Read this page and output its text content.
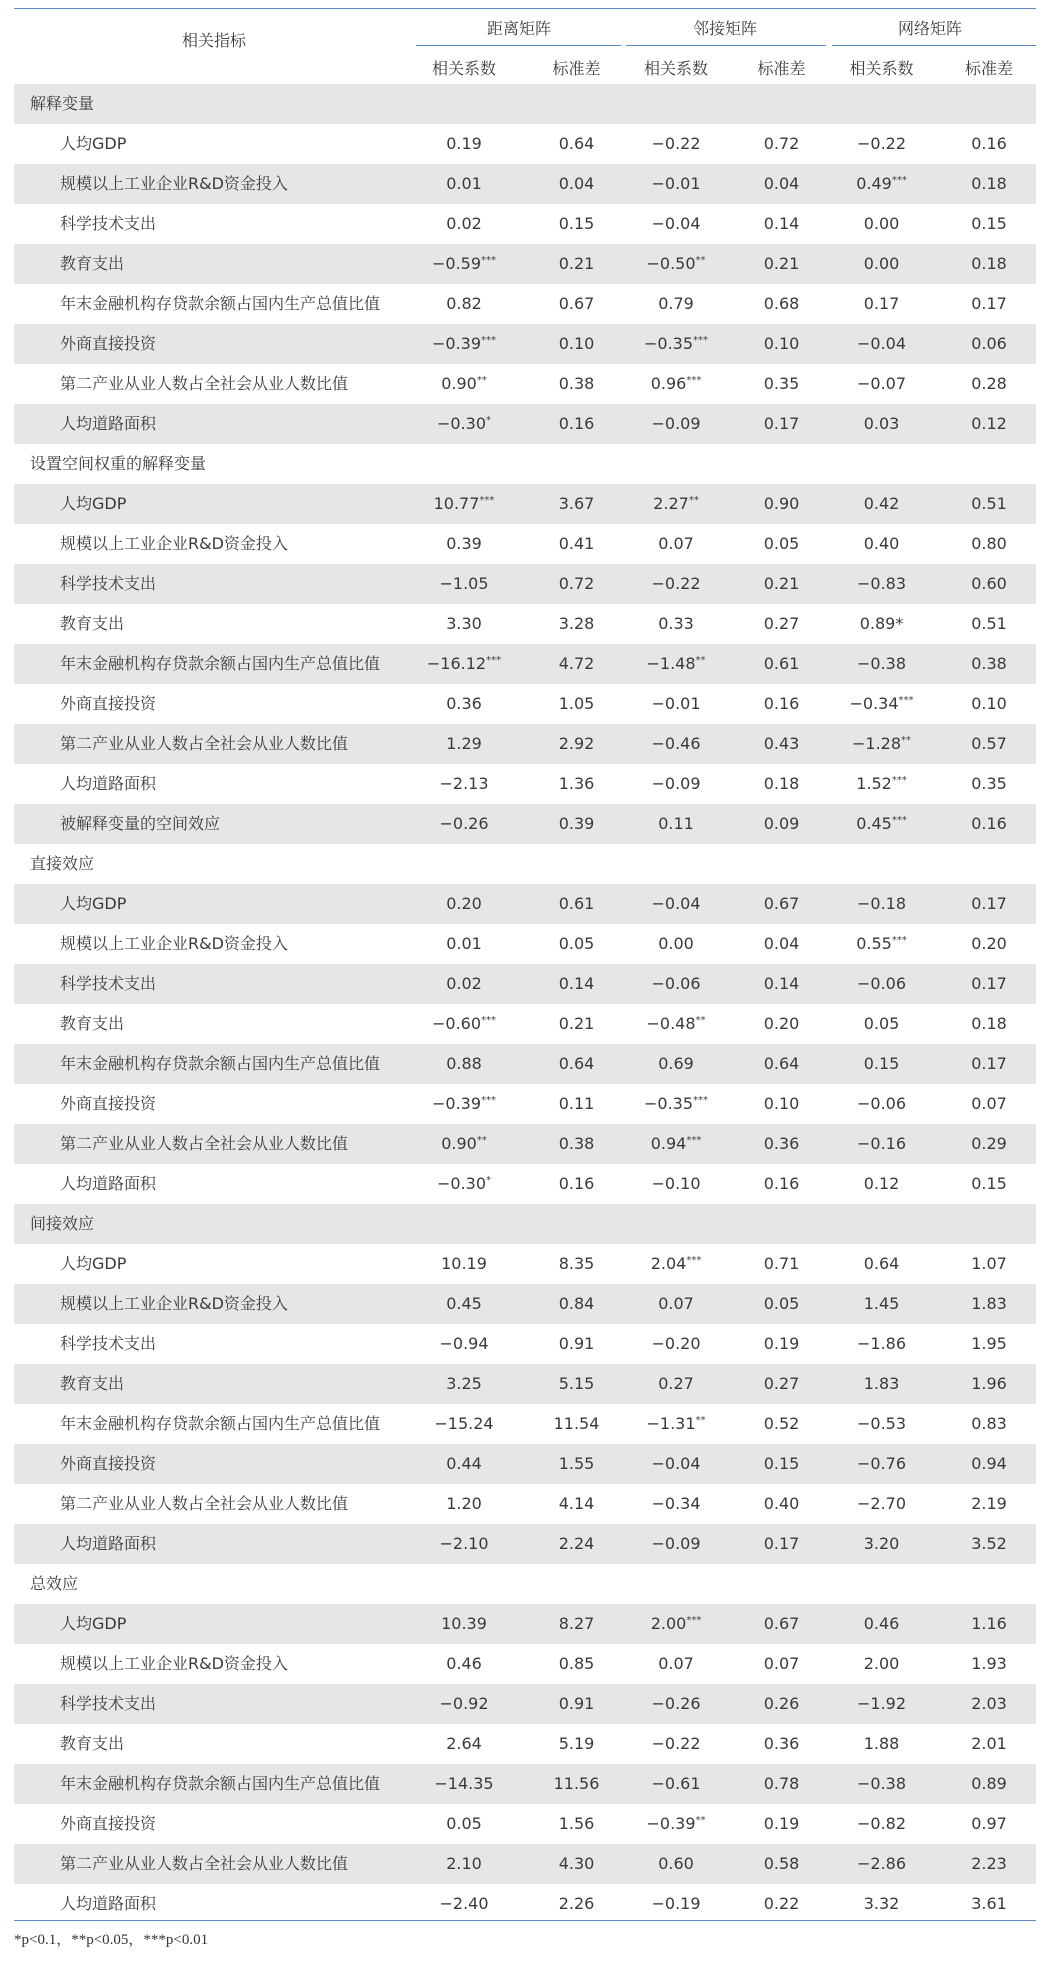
相关指标
距离矩阵	邻接矩阵	网络矩阵
相关系数	标准差	相关系数	标准差	相关系数	标准差
解释变量
人均GDP	0.19	0.64	−0.22	0.72	−0.22	0.16
规模以上工业企业R&D资金投入	0.01	0.04	−0.01	0.04	0.49***	0.18
科学技术支出	0.02	0.15	−0.04	0.14	0.00	0.15
教育支出	−0.59***	0.21	−0.50**	0.21	0.00	0.18
年末金融机构存贷款余额占国内生产总值比值	0.82	0.67	0.79	0.68	0.17	0.17
外商直接投资	−0.39***	0.10	−0.35***	0.10	−0.04	0.06
第二产业从业人数占全社会从业人数比值	0.90**	0.38	0.96***	0.35	−0.07	0.28
人均道路面积	−0.30*	0.16	−0.09	0.17	0.03	0.12
设置空间权重的解释变量
人均GDP	10.77***	3.67	2.27**	0.90	0.42	0.51
规模以上工业企业R&D资金投入	0.39	0.41	0.07	0.05	0.40	0.80
科学技术支出	−1.05	0.72	−0.22	0.21	−0.83	0.60
教育支出	3.30	3.28	0.33	0.27	0.89*	0.51
年末金融机构存贷款余额占国内生产总值比值	−16.12***	4.72	−1.48**	0.61	−0.38	0.38
外商直接投资	0.36	1.05	−0.01	0.16	−0.34***	0.10
第二产业从业人数占全社会从业人数比值	1.29	2.92	−0.46	0.43	−1.28**	0.57
人均道路面积	−2.13	1.36	−0.09	0.18	1.52***	0.35
被解释变量的空间效应	−0.26	0.39	0.11	0.09	0.45***	0.16
直接效应
人均GDP	0.20	0.61	−0.04	0.67	−0.18	0.17
规模以上工业企业R&D资金投入	0.01	0.05	0.00	0.04	0.55***	0.20
科学技术支出	0.02	0.14	−0.06	0.14	−0.06	0.17
教育支出	−0.60***	0.21	−0.48**	0.20	0.05	0.18
年末金融机构存贷款余额占国内生产总值比值	0.88	0.64	0.69	0.64	0.15	0.17
外商直接投资	−0.39***	0.11	−0.35***	0.10	−0.06	0.07
第二产业从业人数占全社会从业人数比值	0.90**	0.38	0.94***	0.36	−0.16	0.29
人均道路面积	−0.30*	0.16	−0.10	0.16	0.12	0.15
间接效应
人均GDP	10.19	8.35	2.04***	0.71	0.64	1.07
规模以上工业企业R&D资金投入	0.45	0.84	0.07	0.05	1.45	1.83
科学技术支出	−0.94	0.91	−0.20	0.19	−1.86	1.95
教育支出	3.25	5.15	0.27	0.27	1.83	1.96
年末金融机构存贷款余额占国内生产总值比值	−15.24	11.54	−1.31**	0.52	−0.53	0.83
外商直接投资	0.44	1.55	−0.04	0.15	−0.76	0.94
第二产业从业人数占全社会从业人数比值	1.20	4.14	−0.34	0.40	−2.70	2.19
人均道路面积	−2.10	2.24	−0.09	0.17	3.20	3.52
总效应
人均GDP	10.39	8.27	2.00***	0.67	0.46	1.16
规模以上工业企业R&D资金投入	0.46	0.85	0.07	0.07	2.00	1.93
科学技术支出	−0.92	0.91	−0.26	0.26	−1.92	2.03
教育支出	2.64	5.19	−0.22	0.36	1.88	2.01
年末金融机构存贷款余额占国内生产总值比值	−14.35	11.56	−0.61	0.78	−0.38	0.89
外商直接投资	0.05	1.56	−0.39**	0.19	−0.82	0.97
第二产业从业人数占全社会从业人数比值	2.10	4.30	0.60	0.58	−2.86	2.23
人均道路面积	−2.40	2.26	−0.19	0.22	3.32	3.61
*p<0.1，**p<0.05，***p<0.01
